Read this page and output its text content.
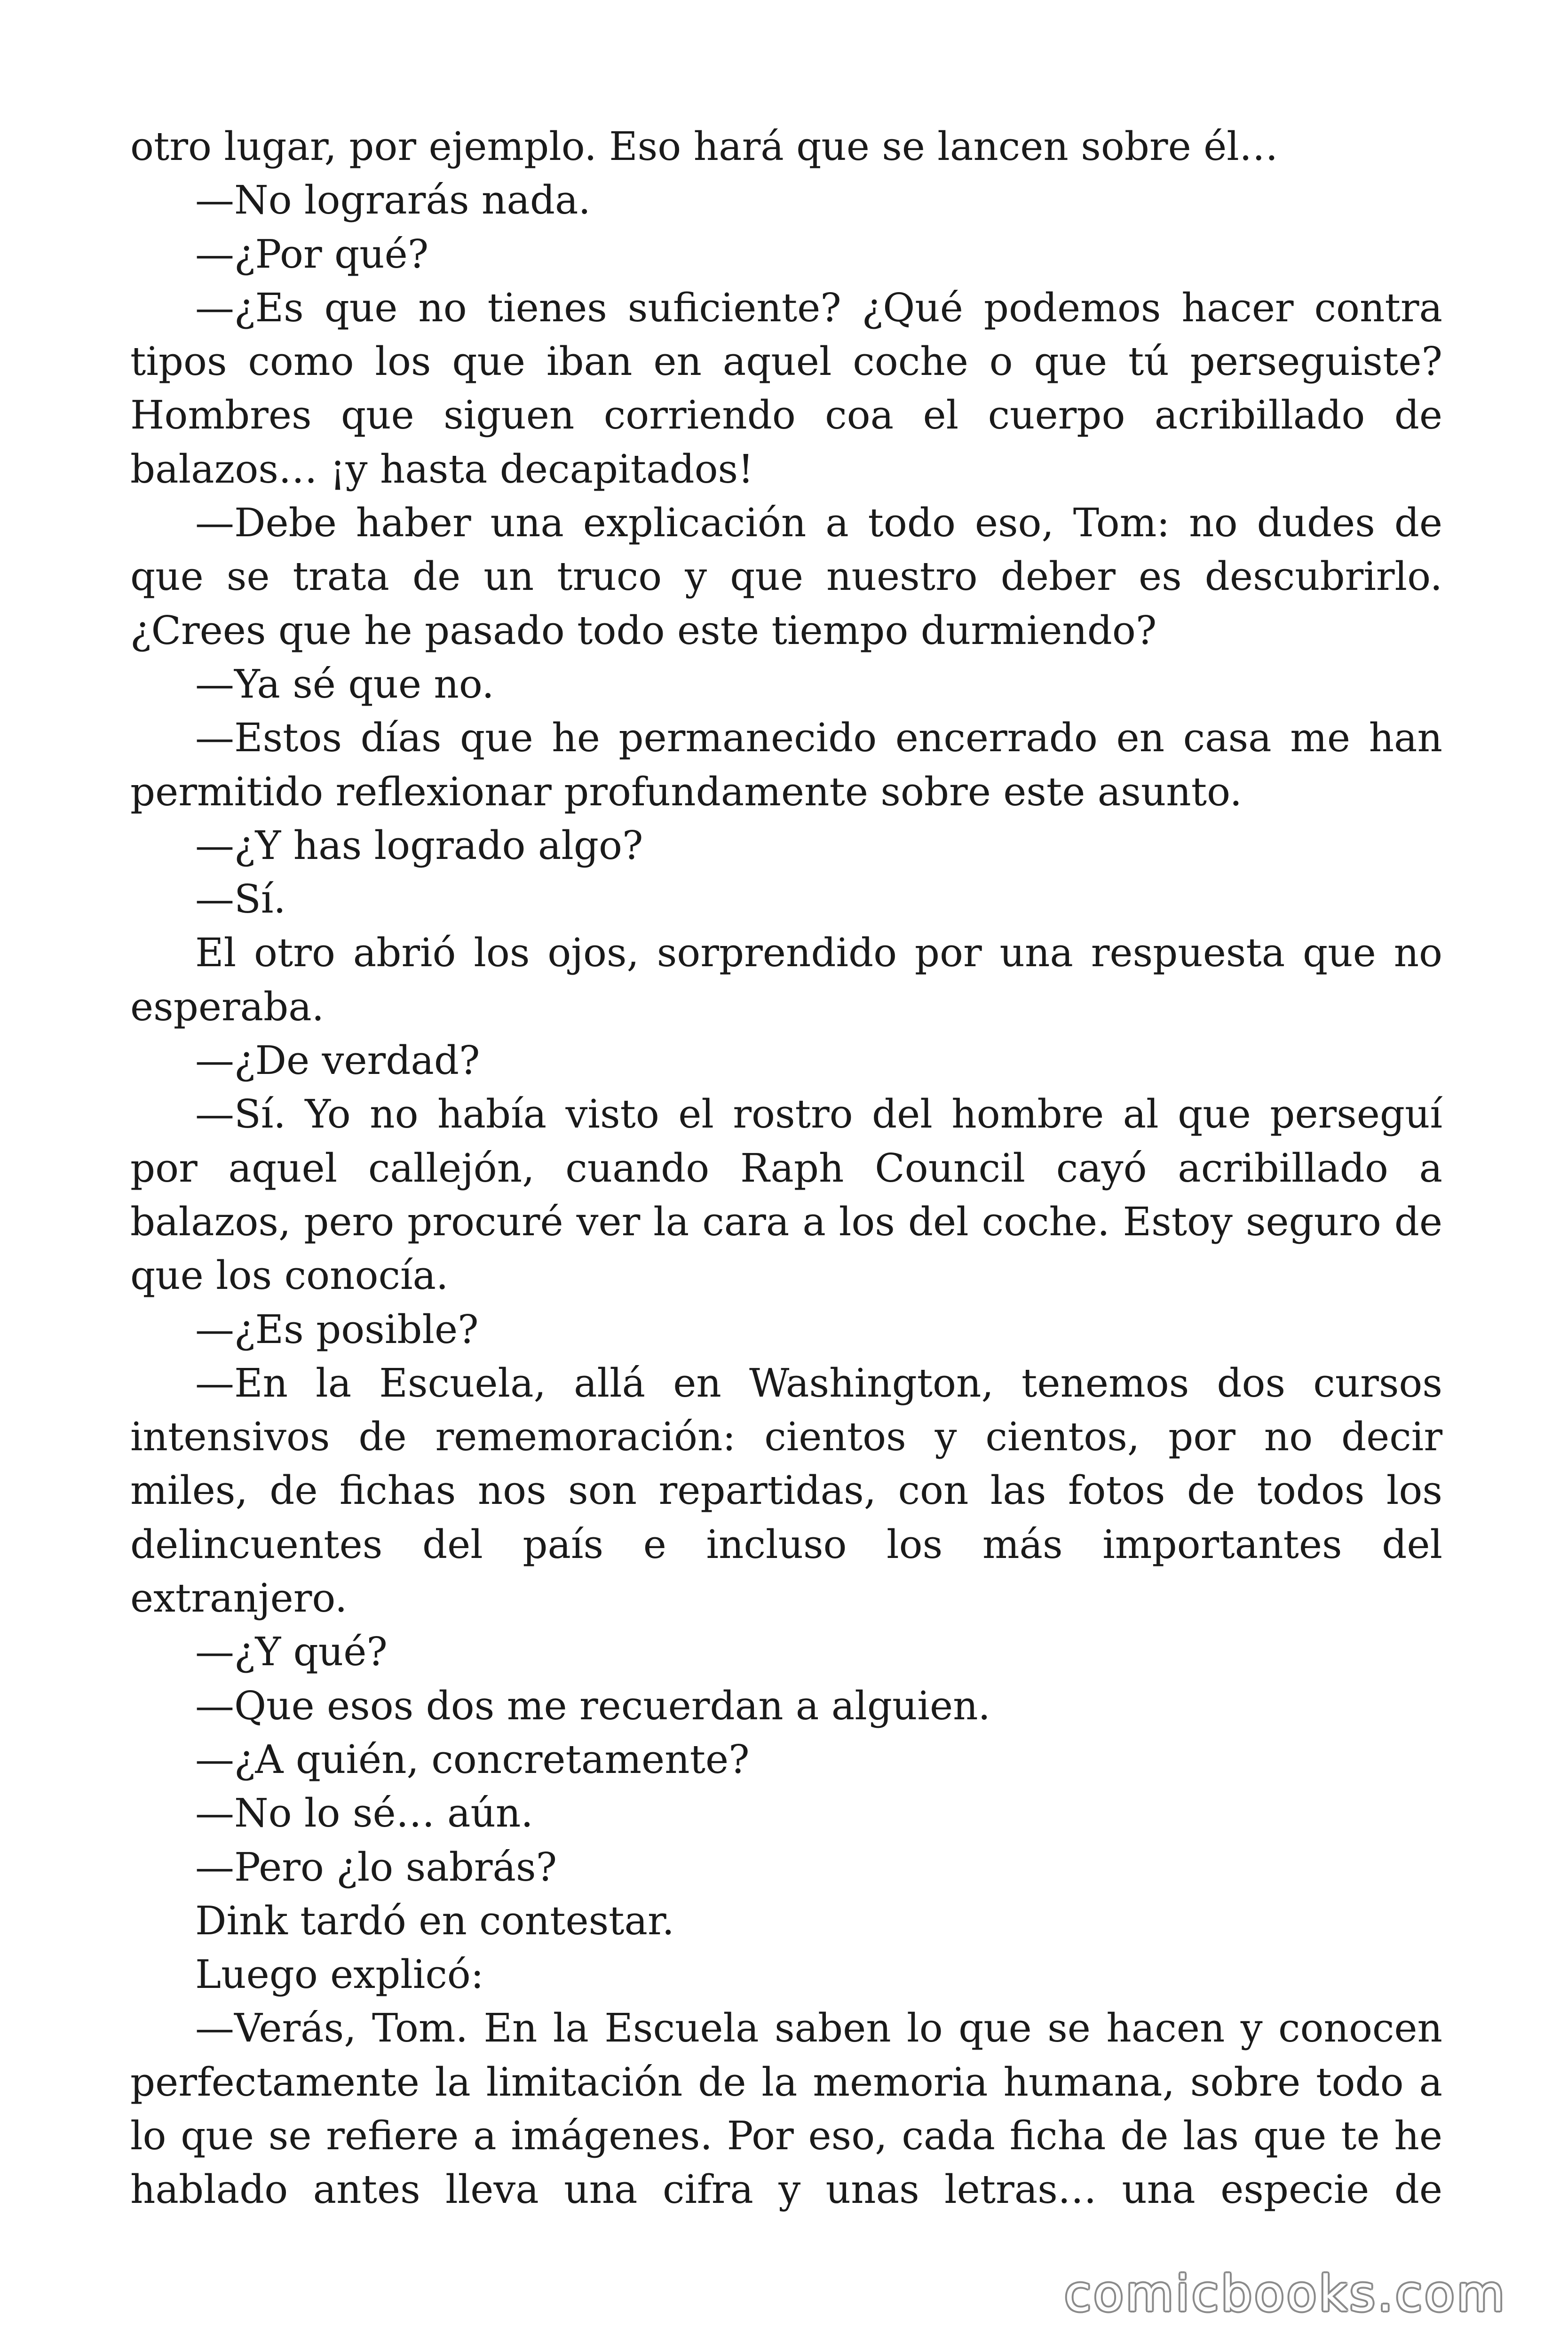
otro lugar, por ejemplo. Eso hará que se lancen sobre él…

—No lograrás nada.

—¿Por qué?

—¿Es que no tienes suficiente? ¿Qué podemos hacer contra tipos como los que iban en aquel coche o que tú perseguiste? Hombres que siguen corriendo coa el cuerpo acribillado de balazos… ¡y hasta decapitados!

—Debe haber una explicación a todo eso, Tom: no dudes de que se trata de un truco y que nuestro deber es descubrirlo. ¿Crees que he pasado todo este tiempo durmiendo?

—Ya sé que no.

—Estos días que he permanecido encerrado en casa me han permitido reflexionar profundamente sobre este asunto.

—¿Y has logrado algo?

—Sí.

El otro abrió los ojos, sorprendido por una respuesta que no esperaba.

—¿De verdad?

—Sí. Yo no había visto el rostro del hombre al que perseguí por aquel callejón, cuando Raph Council cayó acribillado a balazos, pero procuré ver la cara a los del coche. Estoy seguro de que los conocía.

—¿Es posible?

—En la Escuela, allá en Washington, tenemos dos cursos intensivos de rememoración: cientos y cientos, por no decir miles, de fichas nos son repartidas, con las fotos de todos los delincuentes del país e incluso los más importantes del extranjero.

—¿Y qué?

—Que esos dos me recuerdan a alguien.

—¿A quién, concretamente?

—No lo sé… aún.

—Pero ¿lo sabrás?

Dink tardó en contestar.

Luego explicó:

—Verás, Tom. En la Escuela saben lo que se hacen y conocen perfectamente la limitación de la memoria humana, sobre todo a lo que se refiere a imágenes. Por eso, cada ficha de las que te he hablado antes lleva una cifra y unas letras… una especie de

comicbooks.com
